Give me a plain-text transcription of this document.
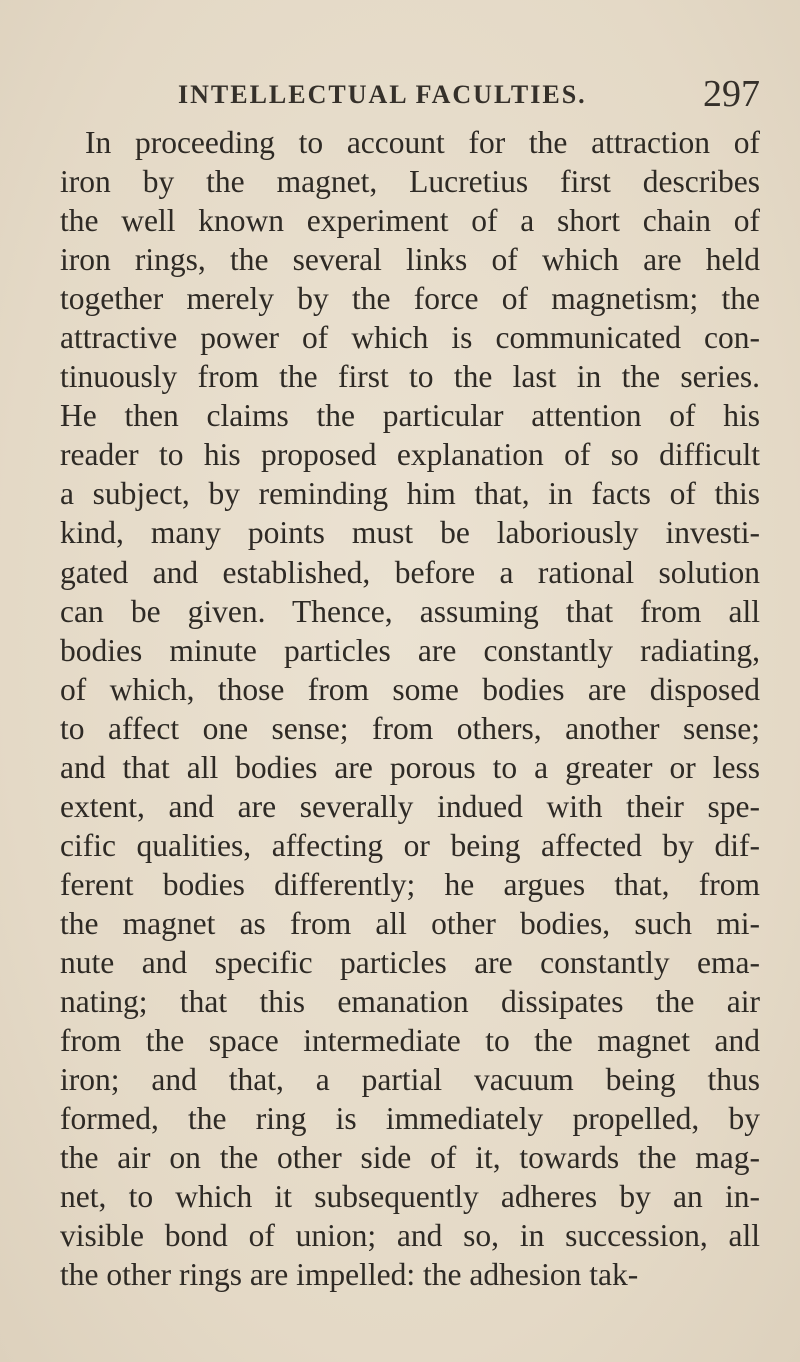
INTELLECTUAL FACULTIES.	297
In proceeding to account for the attraction of
iron by the magnet, Lucretius first describes
the well known experiment of a short chain of
iron rings, the several links of which are held
together merely by the force of magnetism; the
attractive power of which is communicated con-
tinuously from the first to the last in the series.
He then claims the particular attention of his
reader to his proposed explanation of so difficult
a subject, by reminding him that, in facts of this
kind, many points must be laboriously investi-
gated and established, before a rational solution
can be given. Thence, assuming that from all
bodies minute particles are constantly radiating,
of which, those from some bodies are disposed
to affect one sense; from others, another sense;
and that all bodies are porous to a greater or less
extent, and are severally indued with their spe-
cific qualities, affecting or being affected by dif-
ferent bodies differently; he argues that, from
the magnet as from all other bodies, such mi-
nute and specific particles are constantly ema-
nating; that this emanation dissipates the air
from the space intermediate to the magnet and
iron; and that, a partial vacuum being thus
formed, the ring is immediately propelled, by
the air on the other side of it, towards the mag-
net, to which it subsequently adheres by an in-
visible bond of union; and so, in succession, all
the other rings are impelled: the adhesion tak-
